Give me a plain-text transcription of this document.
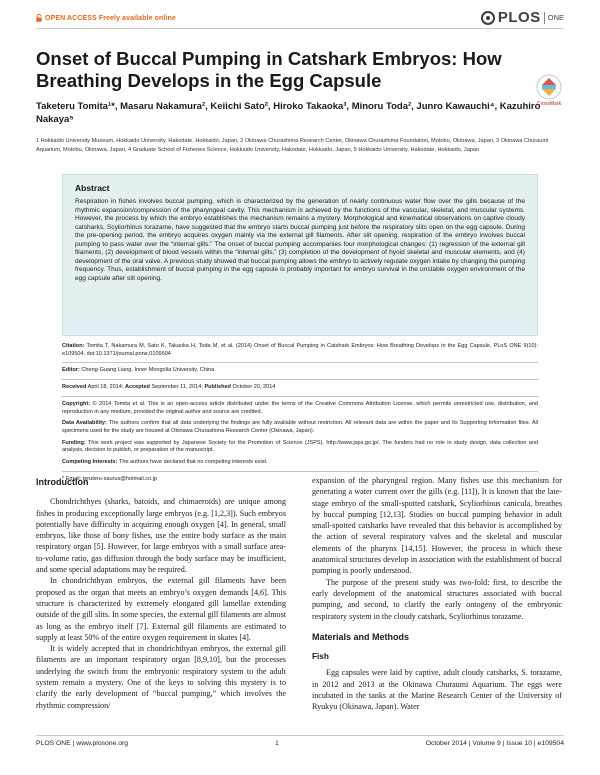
OPEN ACCESS Freely available online	PLOS ONE
Onset of Buccal Pumping in Catshark Embryos: How Breathing Develops in the Egg Capsule
CrossMark
Taketeru Tomita¹*, Masaru Nakamura², Keiichi Sato², Hiroko Takaoka³, Minoru Toda², Junro Kawauchi⁴, Kazuhiro Nakaya⁵
1 Hokkaido University Museum, Hokkaido University, Hakodate, Hokkaido, Japan, 2 Okinawa Churashima Research Center, Okinawa Churashima Foundation, Motobu, Okinawa, Japan, 3 Okinawa Churaumi Aquarium, Motobu, Okinawa, Japan, 4 Graduate School of Fisheries Science, Hokkaido University, Hakodate, Hokkaido, Japan, 5 Hokkaido University, Hakodate, Hokkaido, Japan
Abstract
Respiration in fishes involves buccal pumping, which is characterized by the generation of nearly continuous water flow over the gills because of the rhythmic expansion/compression of the pharyngeal cavity. This mechanism is achieved by the functions of the vascular, skeletal, and muscular systems. However, the process by which the embryo establishes the mechanism remains a mystery. Morphological and kinematical observations on captive cloudy catsharks, Scyliorhinus torazame, have suggested that the embryo starts buccal pumping just before the respiratory slits open on the egg capsule. During the pre-opening period, the embryo acquires oxygen mainly via the external gill filaments. After slit opening, respiration of the embryo involves buccal pumping to pass water over the “internal gills.” The onset of buccal pumping accompanies four morphological changes: (1) regression of the external gill filaments, (2) development of blood vessels within the “internal gills,” (3) completion of the development of hyoid skeletal and muscular elements, and (4) development of the oral valve. A previous study showed that buccal pumping allows the embryo to actively regulate oxygen intake by changing the pumping frequency. Thus, establishment of buccal pumping in the egg capsule is probably important for embryo survival in the unstable oxygen environment of the egg capsule after slit opening.

Citation: Tomita T, Nakamura M, Sato K, Takaoka H, Toda M, et al. (2014) Onset of Buccal Pumping in Catshark Embryos: How Breathing Develops in the Egg Capsule. PLoS ONE 9(10): e109504. doi:10.1371/journal.pone.0109504

Editor: Cheng-Guang Liang, Inner Mongolia University, China

Received April 18, 2014; Accepted September 11, 2014; Published October 20, 2014

Copyright: © 2014 Tomita et al. This is an open-access article distributed under the terms of the Creative Commons Attribution License, which permits unrestricted use, distribution, and reproduction in any medium, provided the original author and source are credited.

Data Availability: The authors confirm that all data underlying the findings are fully available without restriction. All relevant data are within the paper and its Supporting Information files. All specimens used for the study are housed at Okinawa Churashima Research Center (Okinawa, Japan).

Funding: This work project was supported by Japanese Society for the Promotion of Science (JSPS). http://www.jsps.go.jp/. The funders had no role in study design, data collection and analysis, decision to publish, or preparation of the manuscript.

Competing Interests: The authors have declared that no competing interests exist.

* Email: teruteru-saurus@hotmail.co.jp

Introduction

Chondrichthyes (sharks, batoids, and chimaeroids) are unique among fishes in producing exceptionally large embryos (e.g. [1,2,3]). Such embryos potentially have difficulty in acquiring enough oxygen [4]. In general, small embryos, like those of bony fishes, use the entire body surface as the main respiratory organ [5]. However, for large embryos with a small surface area-to-volume ratio, gas diffusion through the body surface may be insufficient, and some special adaptations may be required.

In chondrichthyan embryos, the external gill filaments have been proposed as the organ that meets an embryo’s oxygen demands [4,6]. This structure is characterized by extremely elongated gill lamellae extending outside of the gill slits. In some species, the external gill filaments are almost as long as the embryo itself [7]. External gill filaments are estimated to supply at least 50% of the entire oxygen requirement in skates [4].

It is widely accepted that in chondrichthyan embryos, the external gill filaments are an important respiratory organ [8,9,10], but the processes underlying the switch from the embryonic respiratory system to the adult system remain a mystery. One of the keys to solving this mystery is to clarify the early development of “buccal pumping,” which involves the rhythmic compression/

expansion of the pharyngeal region. Many fishes use this mechanism for generating a water current over the gills (e.g. [11]). It is known that the late-stage embryo of the small-spotted catshark, Scyliorhinus canicula, breathes by buccal pumping [12,13]. Studies on buccal pumping behavior in adult small-spotted catsharks have revealed that this behavior is accomplished by the action of several respiratory valves and the skeletal and muscular elements of the pharynx [14,15]. However, the process in which these anatomical structures develop in association with the establishment of buccal pumping is poorly understood.

The purpose of the present study was two-fold: first, to describe the early development of the anatomical structures associated with buccal pumping, and second, to clarify the early ontogeny of the embryonic respiratory system in the cloudy catshark, Scyliorhinus torazame.

Materials and Methods
Fish

Egg capsules were laid by captive, adult cloudy catsharks, S. torazame, in 2012 and 2013 at the Okinawa Churaumi Aquarium. The eggs were incubated in the tanks at the Marine Research Center of the University of Ryukyu (Okinawa, Japan). Water

PLOS ONE | www.plosone.org	1	October 2014 | Volume 9 | Issue 10 | e109504
